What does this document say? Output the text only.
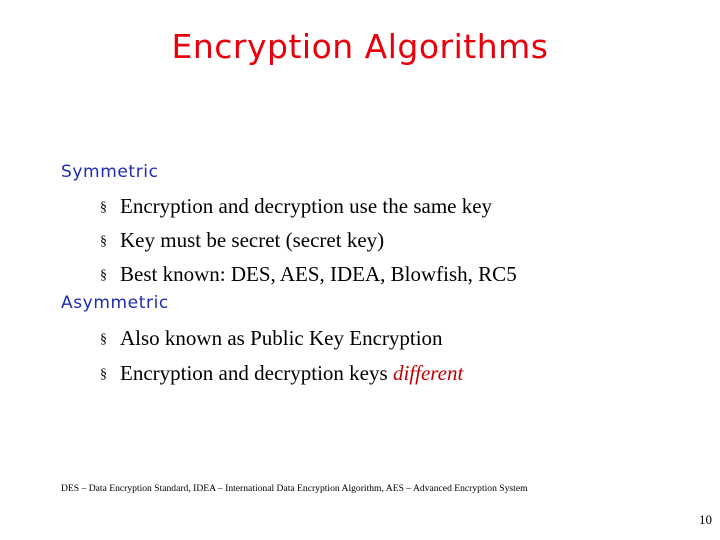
Encryption Algorithms
Symmetric
§ Encryption and decryption use the same key
§ Key must be secret (secret key)
§ Best known: DES, AES, IDEA, Blowfish, RC5
Asymmetric
§ Also known as Public Key Encryption
§ Encryption and decryption keys different
DES – Data Encryption Standard, IDEA – International Data Encryption Algorithm, AES – Advanced Encryption System
10
